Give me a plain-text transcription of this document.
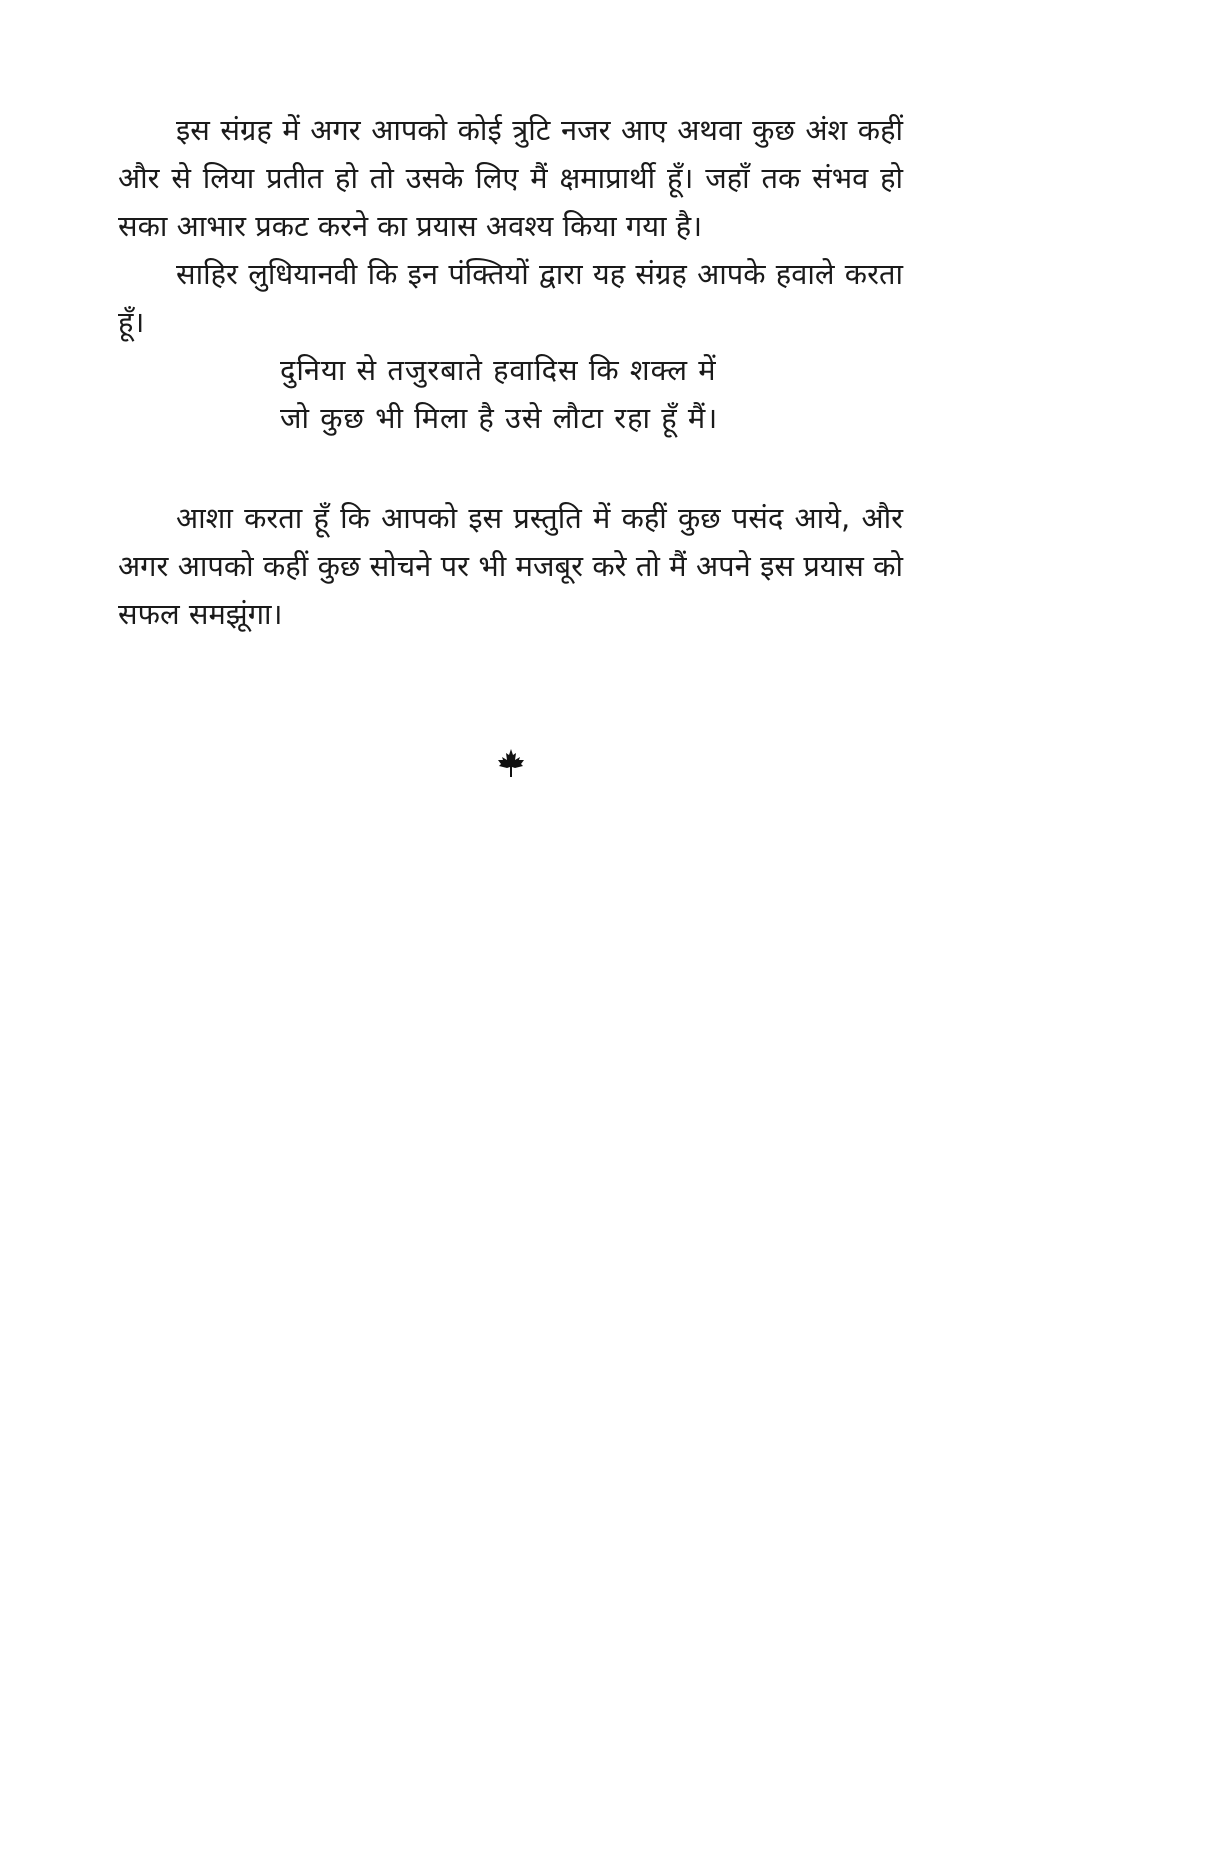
इस संग्रह में अगर आपको कोई त्रुटि नजर आए अथवा कुछ अंश कहीं
और से लिया प्रतीत हो तो उसके लिए मैं क्षमाप्रार्थी हूँ। जहाँ तक संभव हो
सका आभार प्रकट करने का प्रयास अवश्य किया गया है।
साहिर लुधियानवी कि इन पंक्तियों द्वारा यह संग्रह आपके हवाले करता
हूँ।
दुनिया से तजुरबाते हवादिस कि शक्ल में
जो कुछ भी मिला है उसे लौटा रहा हूँ मैं।
आशा करता हूँ कि आपको इस प्रस्तुति में कहीं कुछ पसंद आये, और
अगर आपको कहीं कुछ सोचने पर भी मजबूर करे तो मैं अपने इस प्रयास को
सफल समझूंगा।
